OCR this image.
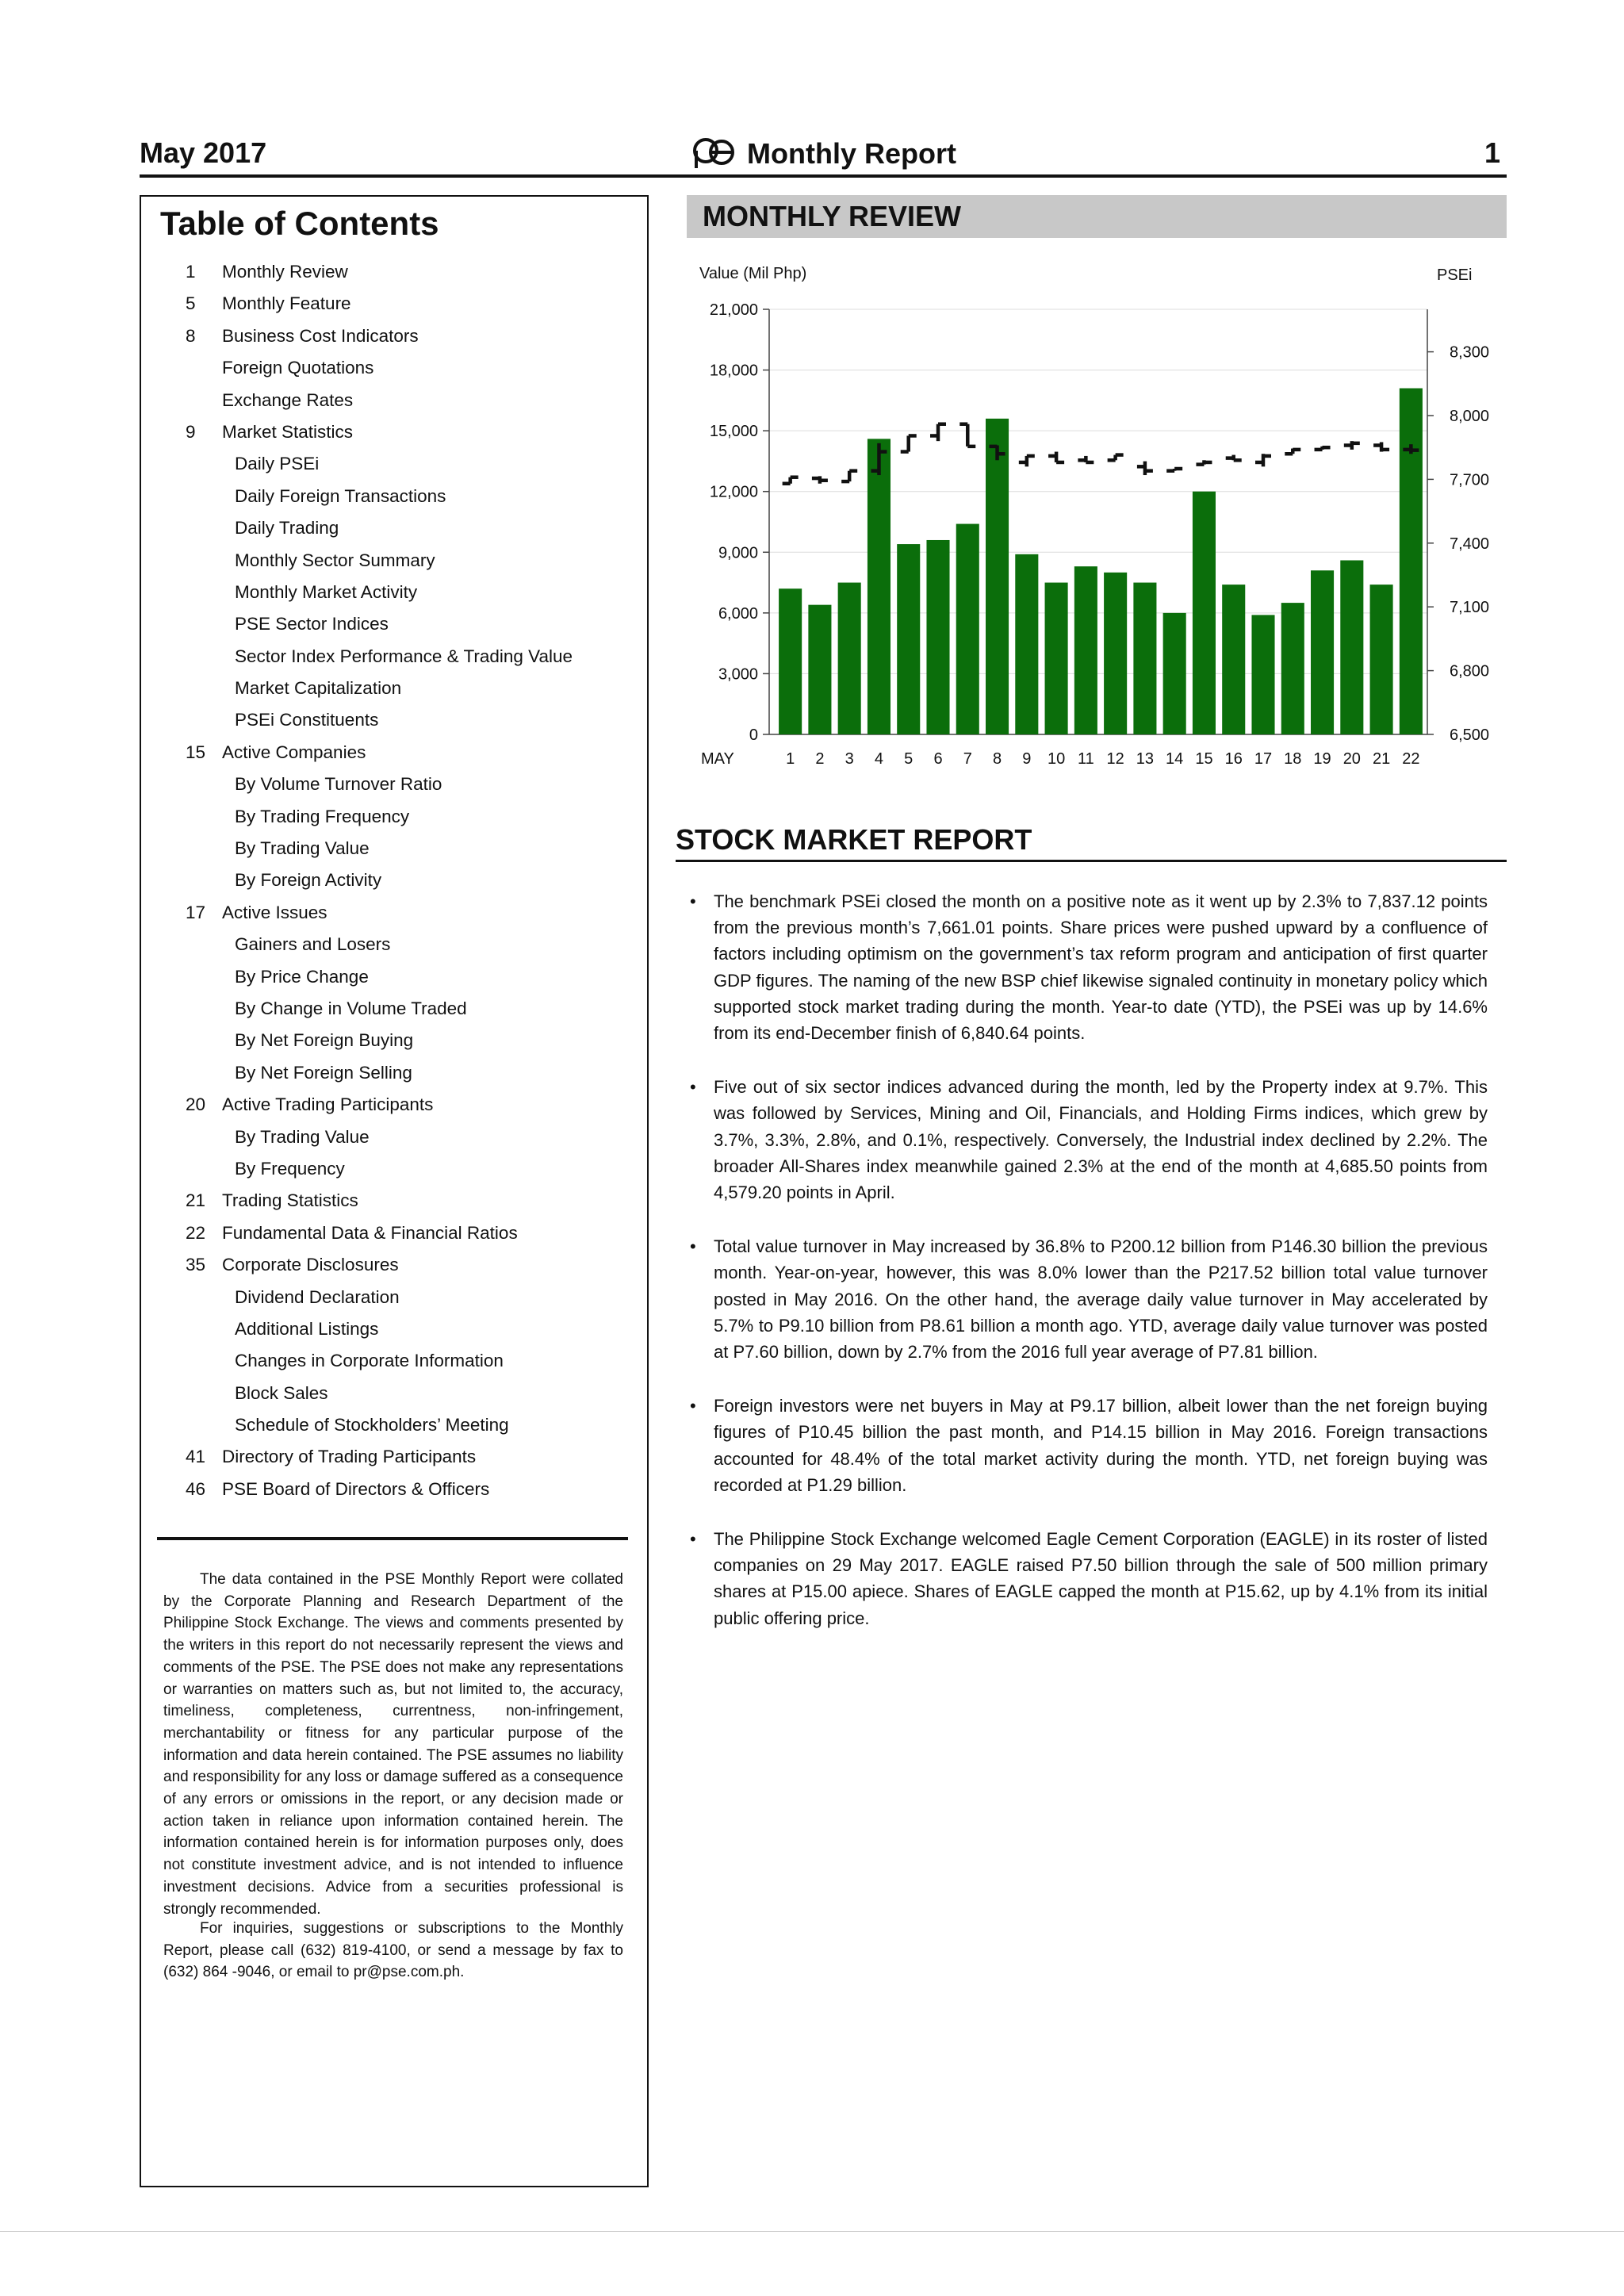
May 2017	Monthly Report	1
Table of Contents
1	Monthly Review
5	Monthly Feature
8	Business Cost Indicators
Foreign Quotations
Exchange Rates
9	Market Statistics
Daily PSEi
Daily Foreign Transactions
Daily Trading
Monthly Sector Summary
Monthly Market Activity
PSE Sector Indices
Sector Index Performance & Trading Value
Market Capitalization
PSEi Constituents
15 Active Companies
By Volume Turnover Ratio
By Trading Frequency
By Trading Value
By Foreign Activity
17 Active Issues
Gainers and Losers
By Price Change
By Change in Volume Traded
By Net Foreign Buying
By Net Foreign Selling
20 Active Trading Participants
By Trading Value
By Frequency
21 Trading Statistics
22 Fundamental Data & Financial Ratios
35 Corporate Disclosures
Dividend Declaration
Additional Listings
Changes in Corporate Information
Block Sales
Schedule of Stockholders’ Meeting
41 Directory of Trading Participants
46 PSE Board of Directors & Officers
The data contained in the PSE Monthly Report were collated by the Corporate Planning and Research Department of the Philippine Stock Exchange. The views and comments presented by the writers in this report do not necessarily represent the views and comments of the PSE. The PSE does not make any representations or warranties on matters such as, but not limited to, the accuracy, timeliness, completeness, currentness, non-infringement, merchantability or fitness for any particular purpose of the information and data herein contained. The PSE assumes no liability and responsibility for any loss or damage suffered as a consequence of any errors or omissions in the report, or any decision made or action taken in reliance upon information contained herein. The information contained herein is for information purposes only, does not constitute investment advice, and is not intended to influence investment decisions. Advice from a securities professional is strongly recommended.
For inquiries, suggestions or subscriptions to the Monthly Report, please call (632) 819-4100, or send a message by fax to (632) 864 -9046, or email to pr@pse.com.ph.
MONTHLY REVIEW
Value (Mil Php)	PSEi
0
3,000
6,000
9,000
12,000
15,000
18,000
21,000
6,500
6,800
7,100
7,400
7,700
8,000
8,300
MAY	1 2 3 4 5 6 7 8 9 10 11 12 13 14 15 16 17 18 19 20 21 22
STOCK MARKET REPORT
• The benchmark PSEi closed the month on a positive note as it went up by 2.3% to 7,837.12 points from the previous month’s 7,661.01 points. Share prices were pushed upward by a confluence of factors including optimism on the government’s tax reform program and anticipation of first quarter GDP figures. The naming of the new BSP chief likewise signaled continuity in monetary policy which supported stock market trading during the month. Year-to date (YTD), the PSEi was up by 14.6% from its end-December finish of 6,840.64 points.
• Five out of six sector indices advanced during the month, led by the Property index at 9.7%. This was followed by Services, Mining and Oil, Financials, and Holding Firms indices, which grew by 3.7%, 3.3%, 2.8%, and 0.1%, respectively. Conversely, the Industrial index declined by 2.2%. The broader All-Shares index meanwhile gained 2.3% at the end of the month at 4,685.50 points from 4,579.20 points in April.
• Total value turnover in May increased by 36.8% to P200.12 billion from P146.30 billion the previous month. Year-on-year, however, this was 8.0% lower than the P217.52 billion total value turnover posted in May 2016. On the other hand, the average daily value turnover in May accelerated by 5.7% to P9.10 billion from P8.61 billion a month ago. YTD, average daily value turnover was posted at P7.60 billion, down by 2.7% from the 2016 full year average of P7.81 billion.
• Foreign investors were net buyers in May at P9.17 billion, albeit lower than the net foreign buying figures of P10.45 billion the past month, and P14.15 billion in May 2016. Foreign transactions accounted for 48.4% of the total market activity during the month. YTD, net foreign buying was recorded at P1.29 billion.
• The Philippine Stock Exchange welcomed Eagle Cement Corporation (EAGLE) in its roster of listed companies on 29 May 2017. EAGLE raised P7.50 billion through the sale of 500 million primary shares at P15.00 apiece. Shares of EAGLE capped the month at P15.62, up by 4.1% from its initial public offering price.
